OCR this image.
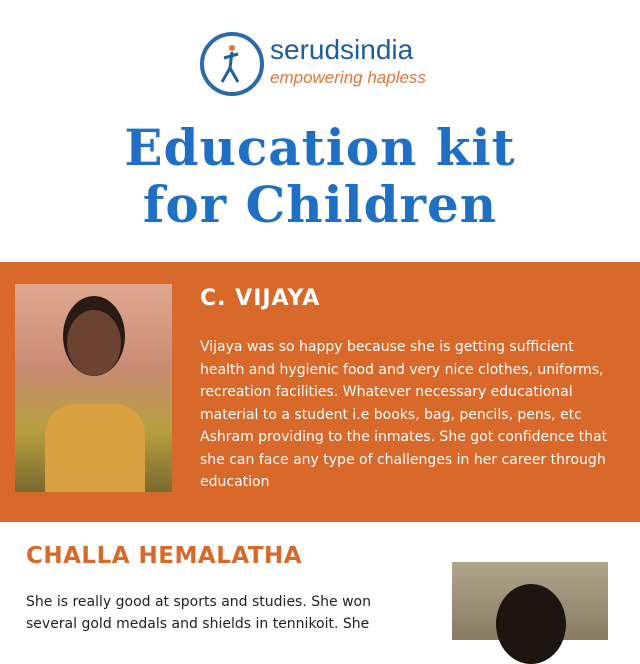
serudsindia
empowering hapless
Education kit
for Children
C. VIJAYA
Vijaya was so happy because she is getting sufficient health and hygienic food and very nice clothes, uniforms, recreation facilities. Whatever necessary educational material to a student i.e books, bag, pencils, pens, etc Ashram providing to the inmates. She got confidence that she can face any type of challenges in her career through education
CHALLA HEMALATHA
She is really good at sports and studies. She won several gold medals and shields in tennikoit. She
